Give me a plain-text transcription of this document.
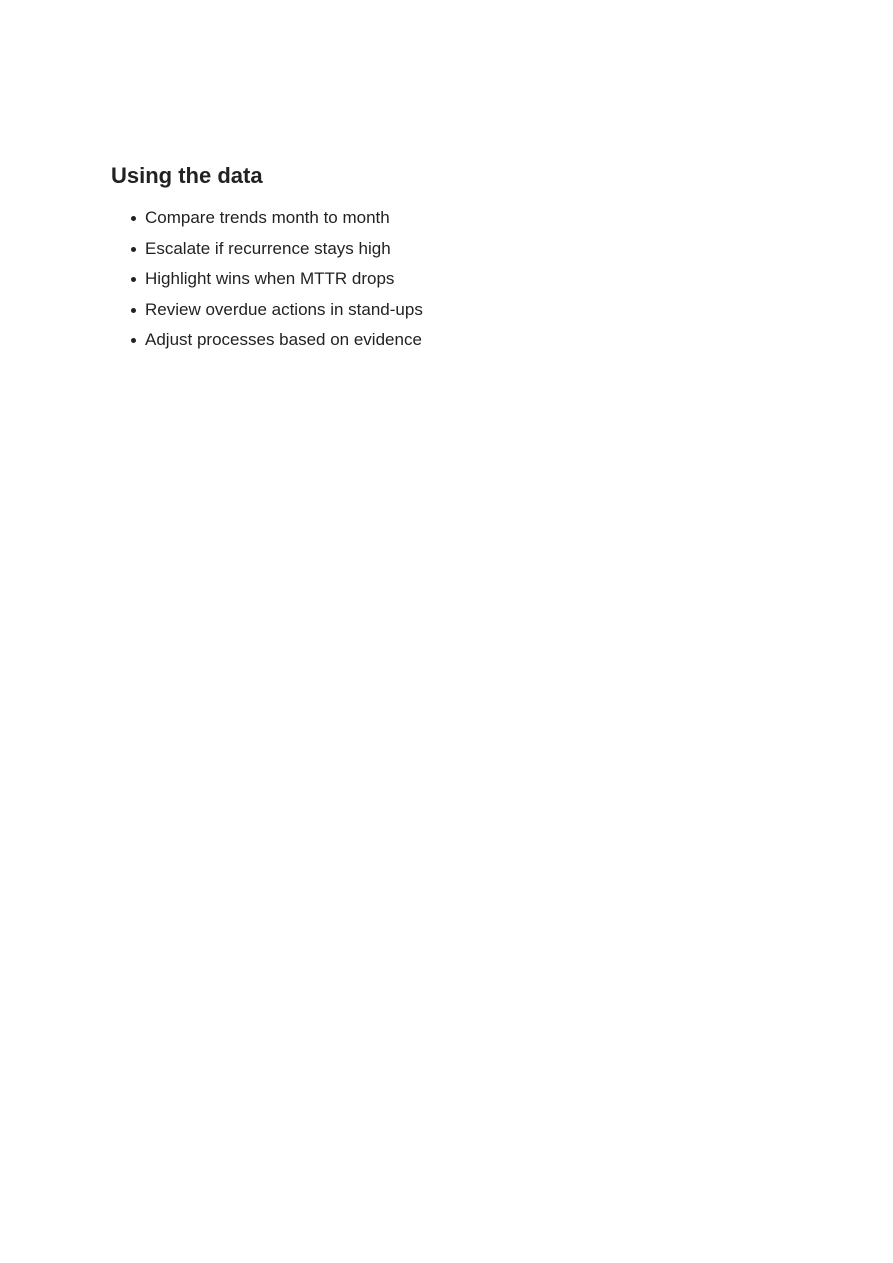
Using the data
Compare trends month to month
Escalate if recurrence stays high
Highlight wins when MTTR drops
Review overdue actions in stand-ups
Adjust processes based on evidence
